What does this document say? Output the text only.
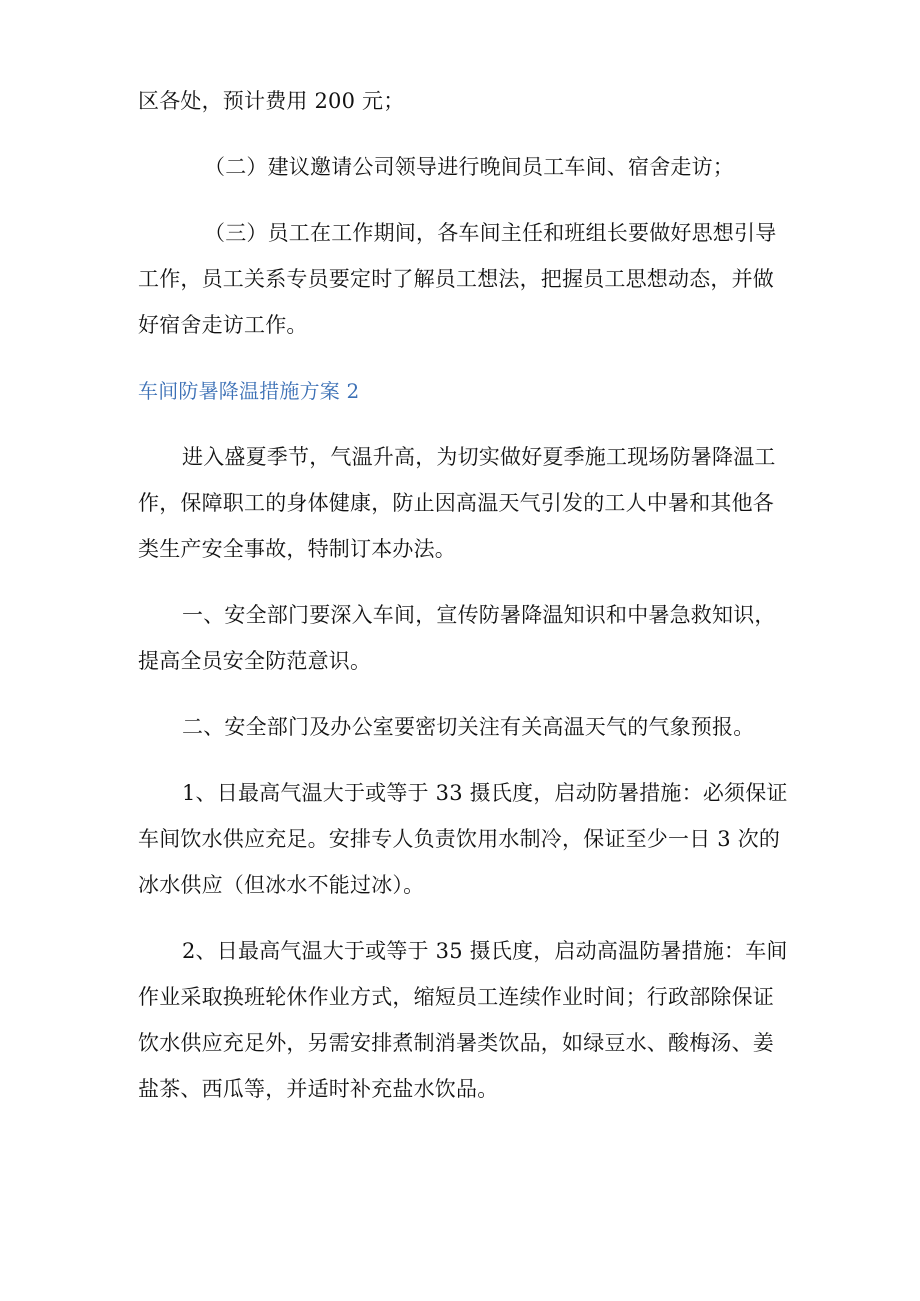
区各处，预计费用 200 元；

（二）建议邀请公司领导进行晚间员工车间、宿舍走访；

（三）员工在工作期间，各车间主任和班组长要做好思想引导工作，员工关系专员要定时了解员工想法，把握员工思想动态，并做好宿舍走访工作。

车间防暑降温措施方案 2

进入盛夏季节，气温升高，为切实做好夏季施工现场防暑降温工作，保障职工的身体健康，防止因高温天气引发的工人中暑和其他各类生产安全事故，特制订本办法。

一、安全部门要深入车间，宣传防暑降温知识和中暑急救知识，提高全员安全防范意识。

二、安全部门及办公室要密切关注有关高温天气的气象预报。

1、日最高气温大于或等于 33 摄氏度，启动防暑措施：必须保证车间饮水供应充足。安排专人负责饮用水制冷，保证至少一日 3 次的冰水供应（但冰水不能过冰）。

2、日最高气温大于或等于 35 摄氏度，启动高温防暑措施：车间作业采取换班轮休作业方式，缩短员工连续作业时间；行政部除保证饮水供应充足外，另需安排煮制消暑类饮品，如绿豆水、酸梅汤、姜盐茶、西瓜等，并适时补充盐水饮品。
